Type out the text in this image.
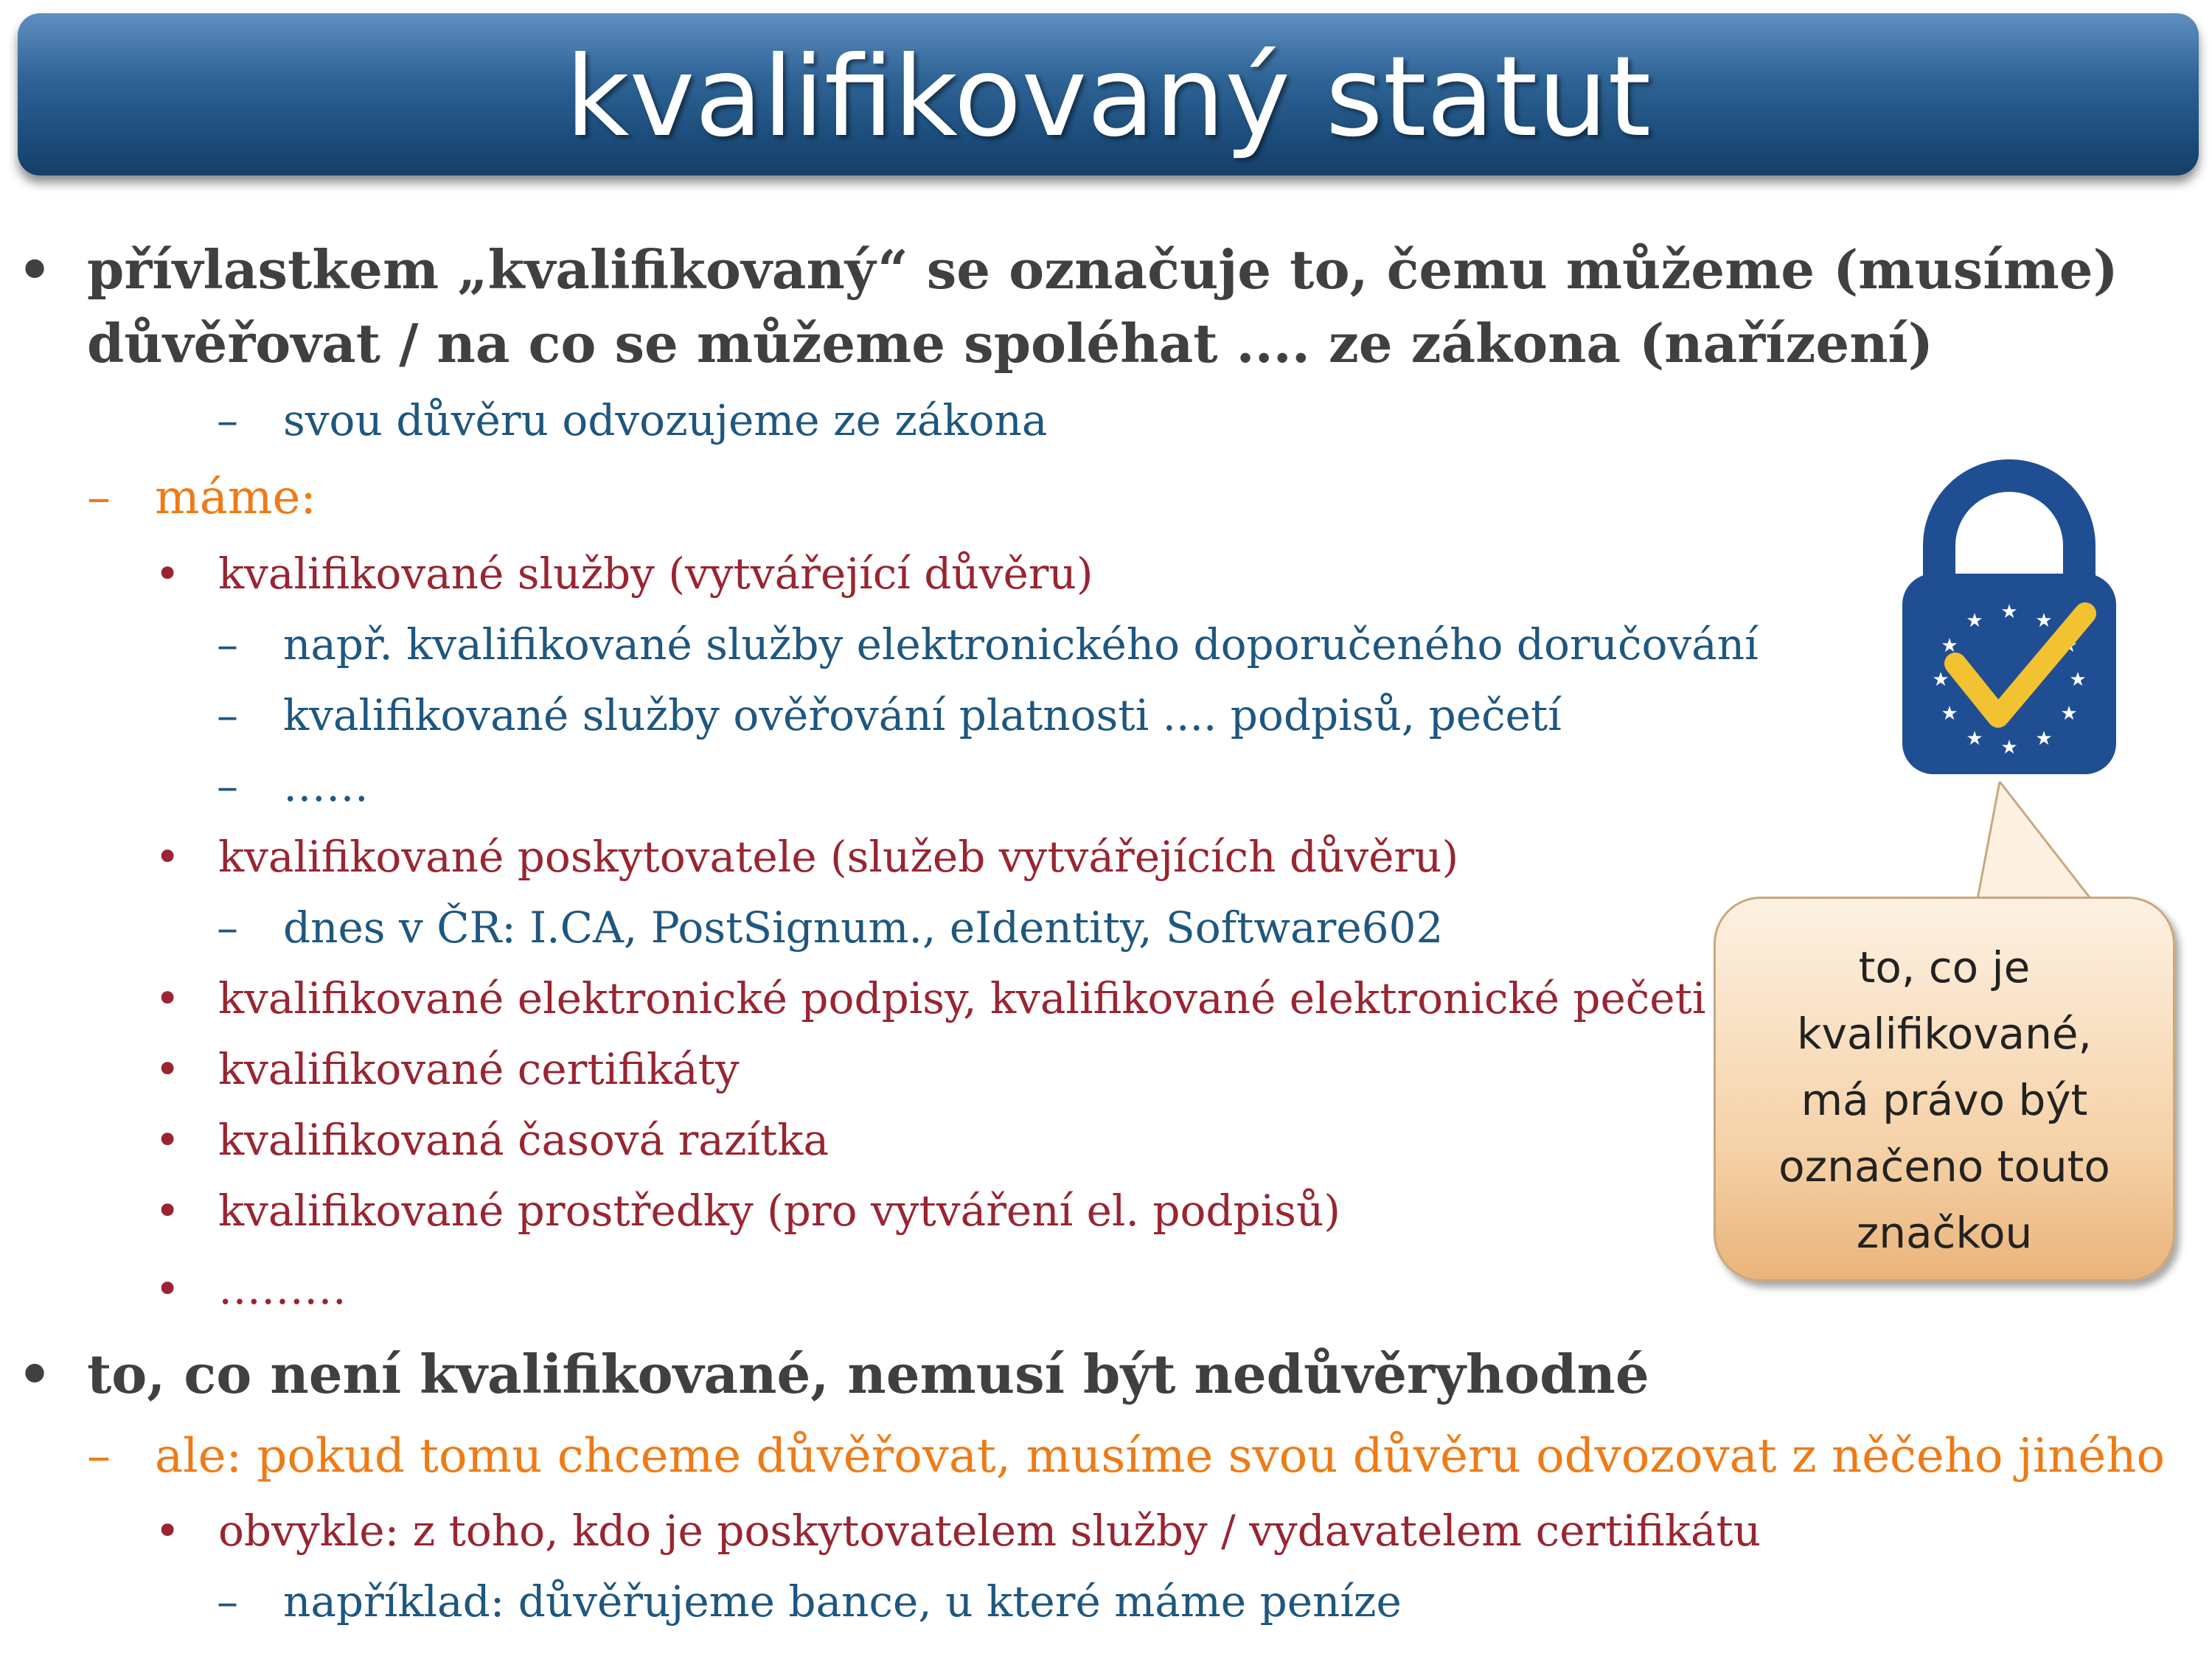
kvalifikovaný statut
• přívlastkem „kvalifikovaný“ se označuje to, čemu můžeme (musíme)
důvěřovat / na co se můžeme spoléhat .... ze zákona (nařízení)
– svou důvěru odvozujeme ze zákona
– máme:
• kvalifikované služby (vytvářející důvěru)
– např. kvalifikované služby elektronického doporučeného doručování
– kvalifikované služby ověřování platnosti .... podpisů, pečetí
– ……
• kvalifikované poskytovatele (služeb vytvářejících důvěru)
– dnes v ČR: I.CA, PostSignum., eIdentity, Software602
• kvalifikované elektronické podpisy, kvalifikované elektronické pečeti
• kvalifikované certifikáty
• kvalifikovaná časová razítka
• kvalifikované prostředky (pro vytváření el. podpisů)
• ………
• to, co není kvalifikované, nemusí být nedůvěryhodné
– ale: pokud tomu chceme důvěřovat, musíme svou důvěru odvozovat z něčeho jiného
• obvykle: z toho, kdo je poskytovatelem služby / vydavatelem certifikátu
– například: důvěřujeme bance, u které máme peníze
★ ★
★
★
★
★
★
★
★
★
★
★
to, co je
kvalifikované,
má právo být
označeno touto
značkou
